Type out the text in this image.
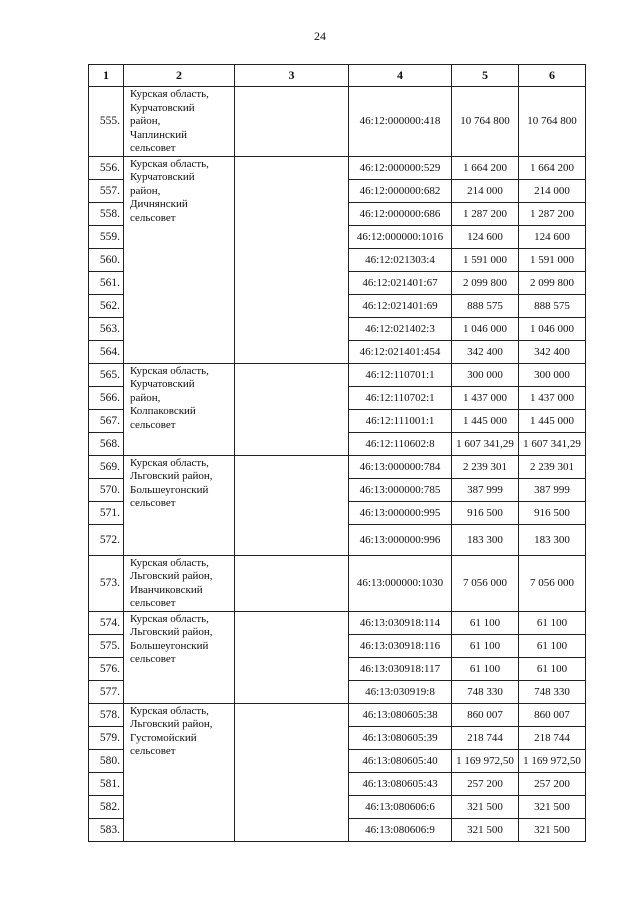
24
1	2	3	4	5	6
555.	Курская область,
Курчатовский
район,
Чаплинский
сельсовет		46:12:000000:418	10 764 800	10 764 800
556.	Курская область,
Курчатовский
район,
Дичнянский
сельсовет		46:12:000000:529	1 664 200	1 664 200
557.			46:12:000000:682	214 000	214 000
558.			46:12:000000:686	1 287 200	1 287 200
559.			46:12:000000:1016	124 600	124 600
560.			46:12:021303:4	1 591 000	1 591 000
561.			46:12:021401:67	2 099 800	2 099 800
562.			46:12:021401:69	888 575	888 575
563.			46:12:021402:3	1 046 000	1 046 000
564.			46:12:021401:454	342 400	342 400
565.	Курская область,
Курчатовский
район,
Колпаковский
сельсовет		46:12:110701:1	300 000	300 000
566.			46:12:110702:1	1 437 000	1 437 000
567.			46:12:111001:1	1 445 000	1 445 000
568.			46:12:110602:8	1 607 341,29	1 607 341,29
569.	Курская область,
Льговский район,
Большеугонский
сельсовет		46:13:000000:784	2 239 301	2 239 301
570.			46:13:000000:785	387 999	387 999
571.			46:13:000000:995	916 500	916 500
572.			46:13:000000:996	183 300	183 300
573.	Курская область,
Льговский район,
Иванчиковский
сельсовет		46:13:000000:1030	7 056 000	7 056 000
574.	Курская область,
Льговский район,
Большеугонский
сельсовет		46:13:030918:114	61 100	61 100
575.			46:13:030918:116	61 100	61 100
576.			46:13:030918:117	61 100	61 100
577.			46:13:030919:8	748 330	748 330
578.	Курская область,
Льговский район,
Густомойский
сельсовет		46:13:080605:38	860 007	860 007
579.			46:13:080605:39	218 744	218 744
580.			46:13:080605:40	1 169 972,50	1 169 972,50
581.			46:13:080605:43	257 200	257 200
582.			46:13:080606:6	321 500	321 500
583.			46:13:080606:9	321 500	321 500
